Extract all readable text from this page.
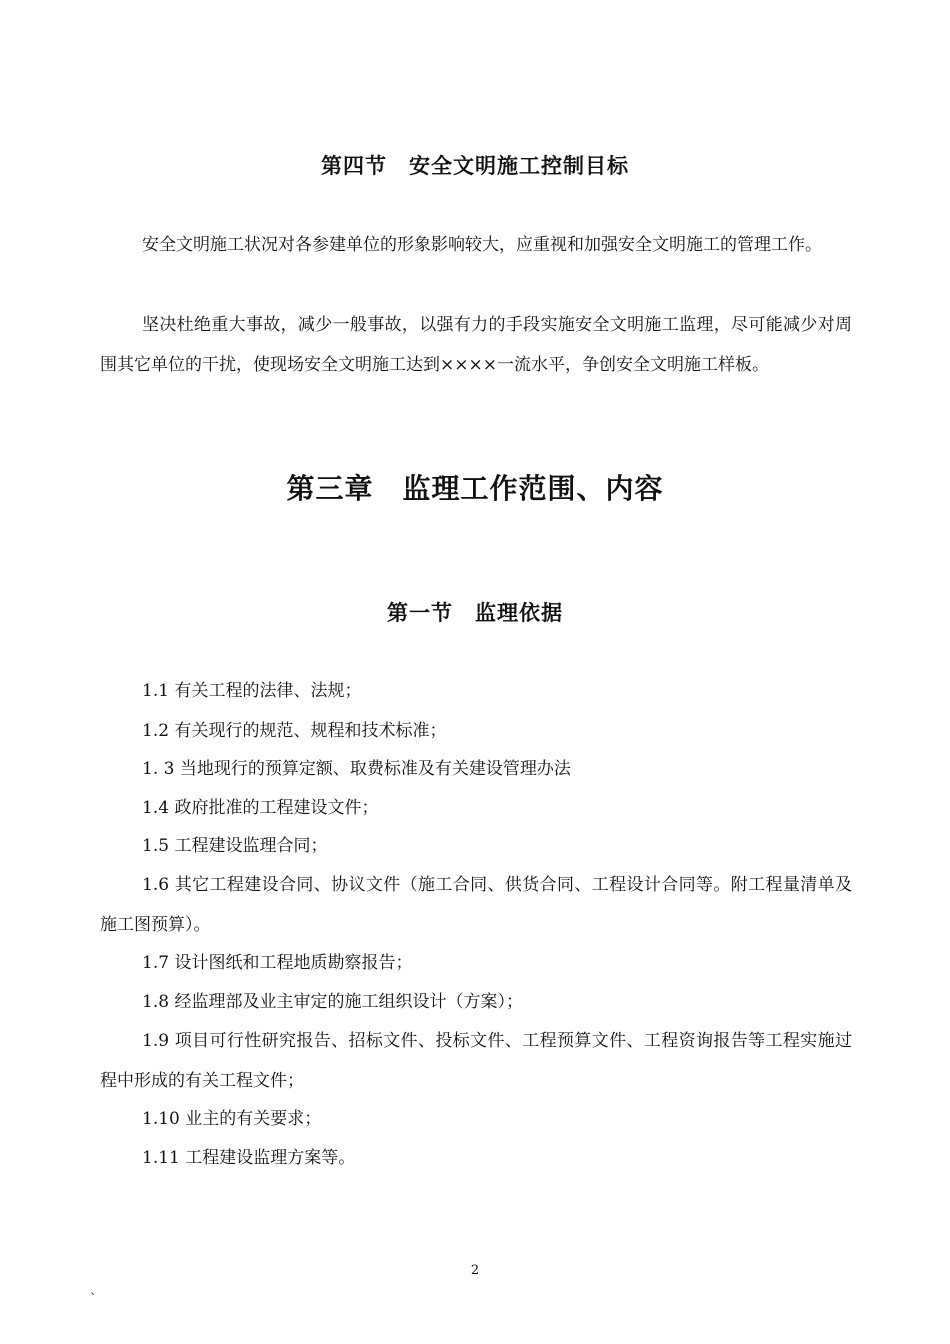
第四节　安全文明施工控制目标
安全文明施工状况对各参建单位的形象影响较大，应重视和加强安全文明施工的管理工作。
坚决杜绝重大事故，减少一般事故，以强有力的手段实施安全文明施工监理，尽可能减少对周围其它单位的干扰，使现场安全文明施工达到××××一流水平，争创安全文明施工样板。
第三章　监理工作范围、内容
第一节　监理依据
1.1 有关工程的法律、法规；
1.2 有关现行的规范、规程和技术标准；
1. 3 当地现行的预算定额、取费标准及有关建设管理办法
1.4 政府批准的工程建设文件；
1.5 工程建设监理合同；
1.6 其它工程建设合同、协议文件（施工合同、供货合同、工程设计合同等。附工程量清单及施工图预算）。
1.7 设计图纸和工程地质勘察报告；
1.8 经监理部及业主审定的施工组织设计（方案）；
1.9 项目可行性研究报告、招标文件、投标文件、工程预算文件、工程资询报告等工程实施过程中形成的有关工程文件；
1.10 业主的有关要求；
1.11 工程建设监理方案等。
2
`
